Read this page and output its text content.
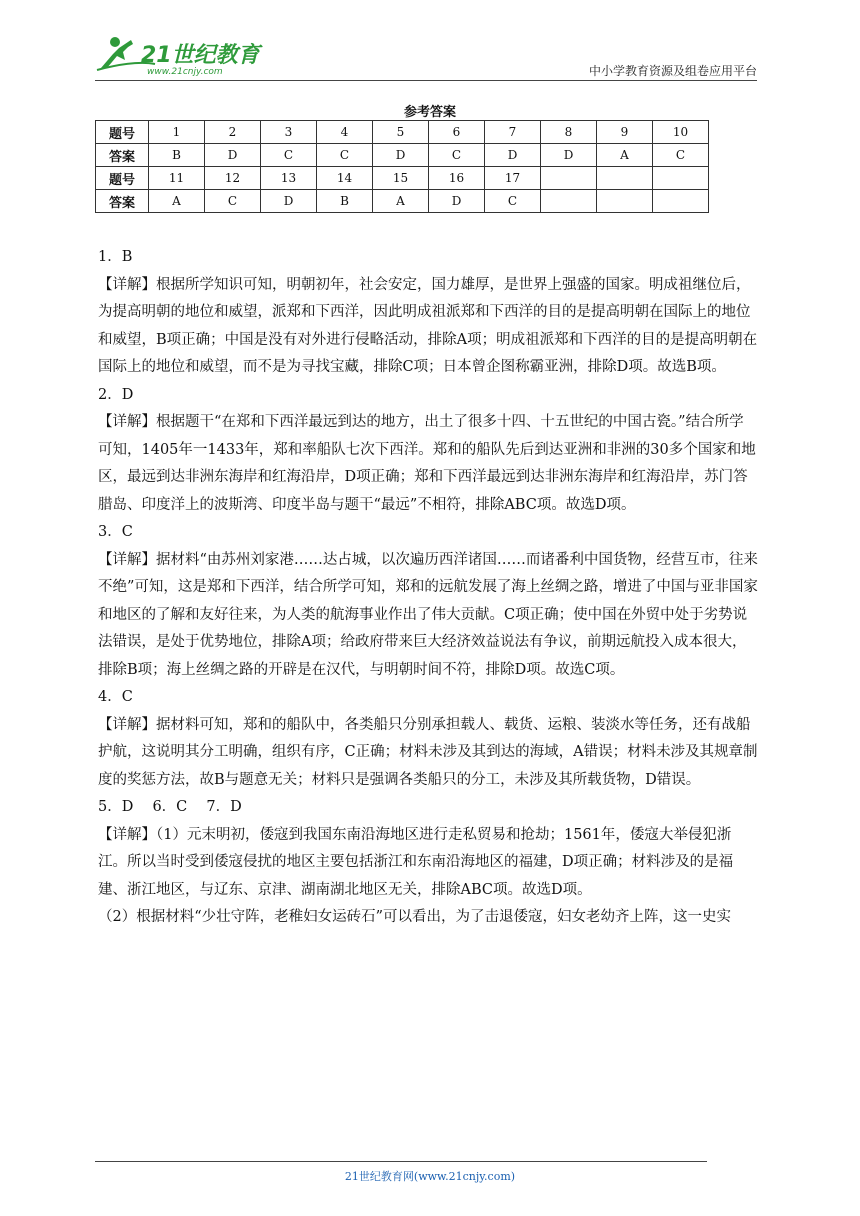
21世纪教育
www.21cnjy.com	中小学教育资源及组卷应用平台
参考答案
题号	1	2	3	4	5	6	7	8	9	10
答案	B	D	C	C	D	C	D	D	A	C
题号	11	12	13	14	15	16	17			
答案	A	C	D	B	A	D	C			

1．B

【详解】根据所学知识可知，明朝初年，社会安定，国力雄厚，是世界上强盛的国家。明成祖继位后，为提高明朝的地位和威望，派郑和下西洋，因此明成祖派郑和下西洋的目的是提高明朝在国际上的地位和威望，B项正确；中国是没有对外进行侵略活动，排除A项；明成祖派郑和下西洋的目的是提高明朝在国际上的地位和威望，而不是为寻找宝藏，排除C项；日本曾企图称霸亚洲，排除D项。故选B项。

2．D

【详解】根据题干“在郑和下西洋最远到达的地方，出土了很多十四、十五世纪的中国古瓷。”结合所学可知，1405年一1433年，郑和率船队七次下西洋。郑和的船队先后到达亚洲和非洲的30多个国家和地区，最远到达非洲东海岸和红海沿岸，D项正确；郑和下西洋最远到达非洲东海岸和红海沿岸，苏门答腊岛、印度洋上的波斯湾、印度半岛与题干“最远”不相符，排除ABC项。故选D项。

3．C

【详解】据材料“由苏州刘家港……达占城，以次遍历西洋诸国……而诸番利中国货物，经营互市，往来不绝”可知，这是郑和下西洋，结合所学可知，郑和的远航发展了海上丝绸之路，增进了中国与亚非国家和地区的了解和友好往来，为人类的航海事业作出了伟大贡献。C项正确；使中国在外贸中处于劣势说法错误，是处于优势地位，排除A项；给政府带来巨大经济效益说法有争议，前期远航投入成本很大，排除B项；海上丝绸之路的开辟是在汉代，与明朝时间不符，排除D项。故选C项。

4．C

【详解】据材料可知，郑和的船队中，各类船只分别承担载人、载货、运粮、装淡水等任务，还有战船护航，这说明其分工明确，组织有序，C正确；材料未涉及其到达的海域，A错误；材料未涉及其规章制度的奖惩方法，故B与题意无关；材料只是强调各类船只的分工，未涉及其所载货物，D错误。

5．D　 6．C　 7．D

【详解】（1）元末明初，倭寇到我国东南沿海地区进行走私贸易和抢劫；1561年，倭寇大举侵犯浙江。所以当时受到倭寇侵扰的地区主要包括浙江和东南沿海地区的福建，D项正确；材料涉及的是福建、浙江地区，与辽东、京津、湖南湖北地区无关，排除ABC项。故选D项。

（2）根据材料“少壮守阵，老稚妇女运砖石”可以看出，为了击退倭寇，妇女老幼齐上阵，这一史实

21世纪教育网(www.21cnjy.com)
